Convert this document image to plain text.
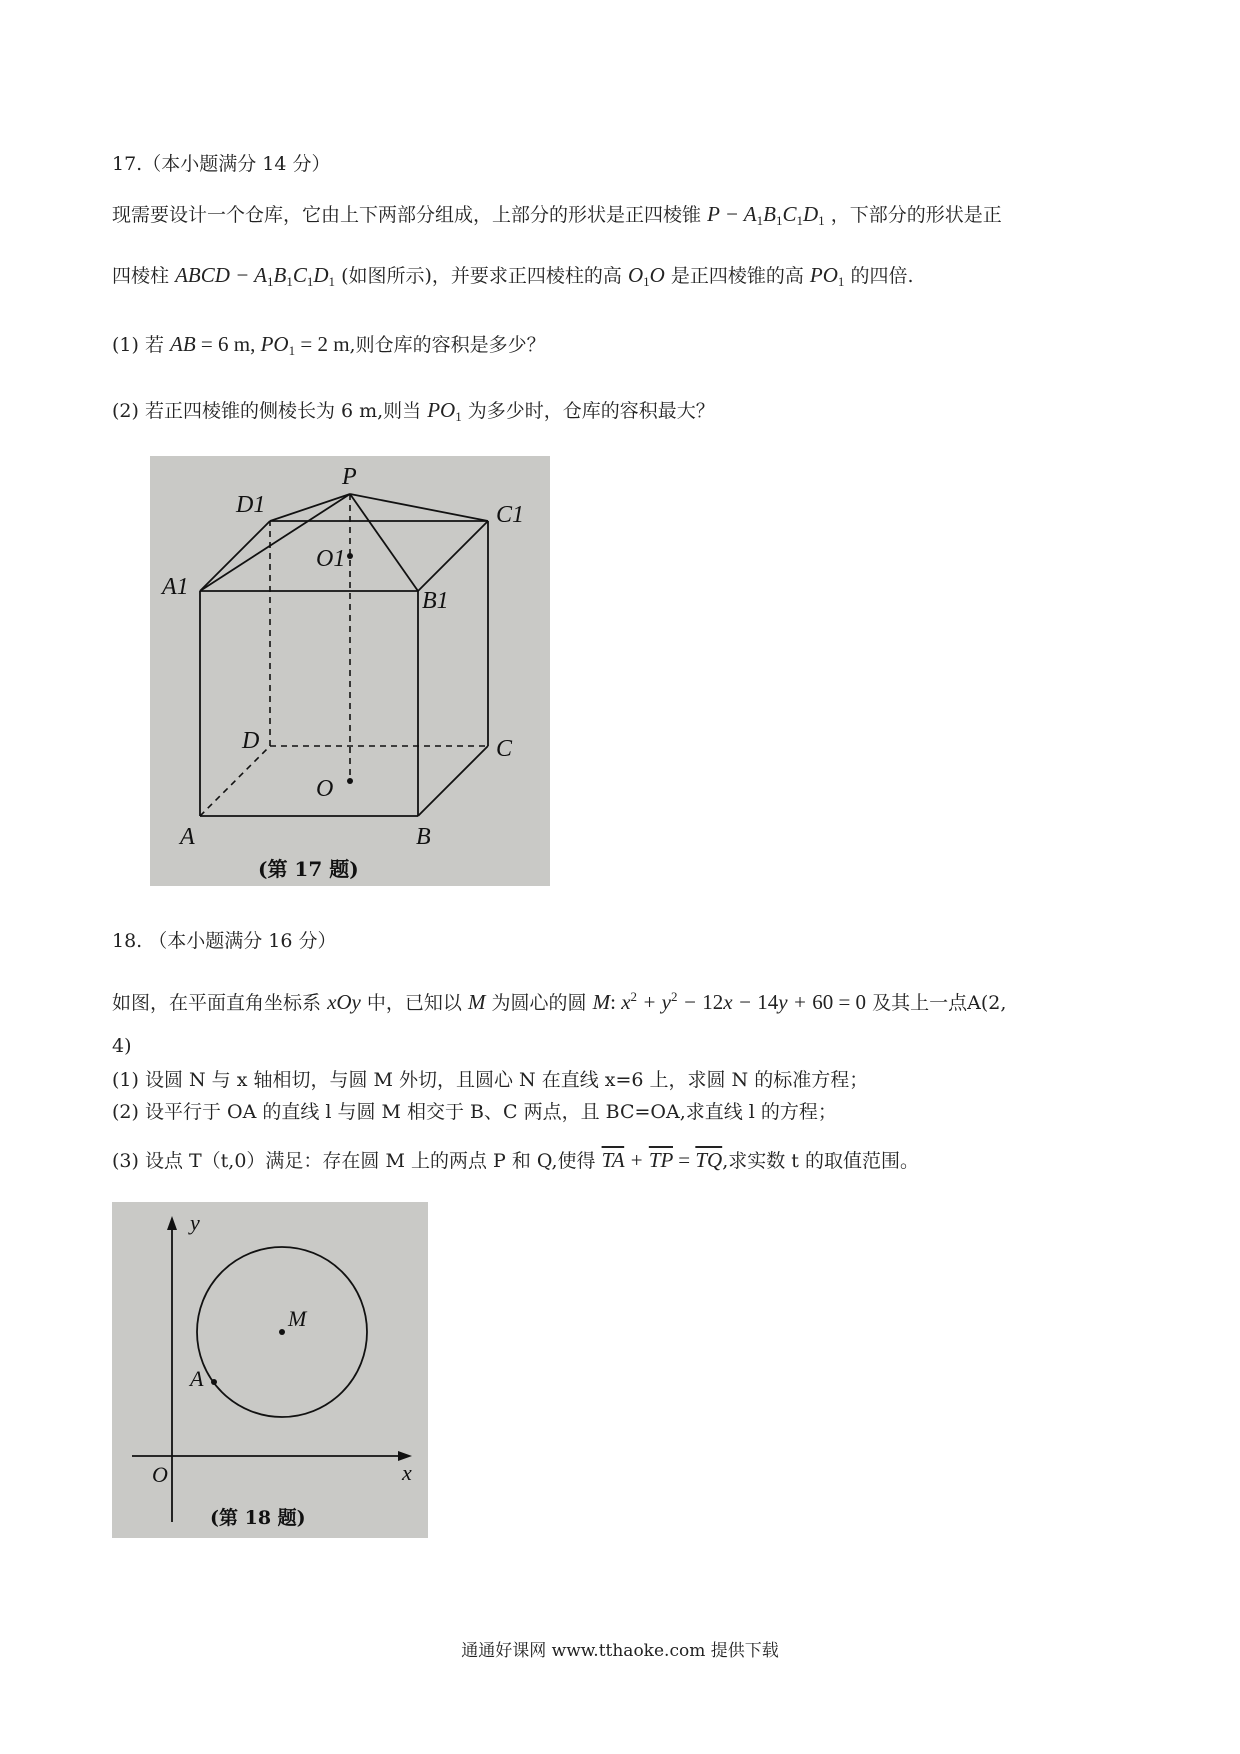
17.（本小题满分 14 分）
现需要设计一个仓库，它由上下两部分组成，上部分的形状是正四棱锥 $P - A_1B_1C_1D_1$ ，下部分的形状是正
四棱柱 ABCD − $A_1B_1C_1D_1$ (如图所示)，并要求正四棱柱的高 $O_1O$ 是正四棱锥的高 $PO_1$ 的四倍.
(1) 若 AB = 6 m, $PO_1 = 2$ m,则仓库的容积是多少？
(2) 若正四棱锥的侧棱长为 6 m,则当 $PO_1$ 为多少时，仓库的容积最大？
P
D1	C1
O1
A1
B1
D	C
O
A	B
(第 17 题)
18. （本小题满分 16 分）
如图，在平面直角坐标系 xOy 中，已知以 M 为圆心的圆 M: $x^2 + y^2 - 12x - 14y + 60 = 0$ 及其上一点A(2,
4)
(1) 设圆 N 与 x 轴相切，与圆 M 外切，且圆心 N 在直线 x=6 上，求圆 N 的标准方程；
(2) 设平行于 OA 的直线 l 与圆 M 相交于 B、C 两点，且 BC=OA,求直线 l 的方程；
(3) 设点 T（t,0）满足：存在圆 M 上的两点 P 和 Q,使得 $\overline{TA} + \overline{TP} = \overline{TQ}$,求实数 t 的取值范围。
y
M
A
O	x
(第 18 题)
通通好课网 www.tthaoke.com 提供下载
